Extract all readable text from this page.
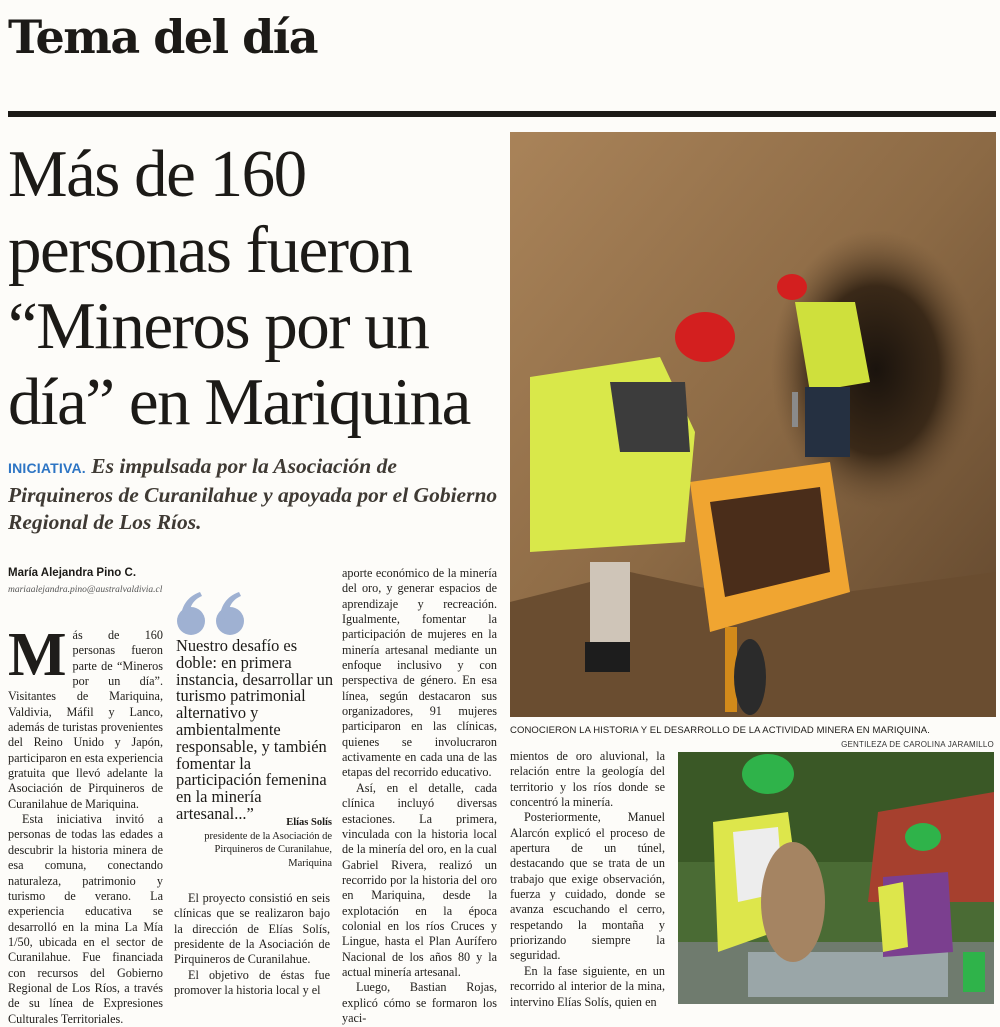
Tema del día
Más de 160
personas fueron
“Mineros por un
día” en Mariquina
INICIATIVA. Es impulsada por la Asociación de Pirquineros de Curanilahue y apoyada por el Gobierno Regional de Los Ríos.
María Alejandra Pino C.
mariaalejandra.pino@australvaldivia.cl

Más de 160 personas fueron parte de “Mineros por un día”. Visitantes de Mariquina, Valdivia, Máfil y Lanco, además de turistas provenientes del Reino Unido y Japón, participaron en esta experiencia gratuita que llevó adelante la Asociación de Pirquineros de Curanilahue de Mariquina.

Esta iniciativa invitó a personas de todas las edades a descubrir la historia minera de esa comuna, conectando naturaleza, patrimonio y turismo de verano. La experiencia educativa se desarrolló en la mina La Mía 1/50, ubicada en el sector de Curanilahue. Fue financiada con recursos del Gobierno Regional de Los Ríos, a través de su línea de Expresiones Culturales Territoriales.

Nuestro desafío es doble: en primera instancia, desarrollar un turismo patrimonial alternativo y ambientalmente responsable, y también fomentar la participación femenina en la minería artesanal...”	Elías Solís
presidente de la Asociación de Pirquineros de Curanilahue, Mariquina

El proyecto consistió en seis clínicas que se realizaron bajo la dirección de Elías Solís, presidente de la Asociación de Pirquineros de Curanilahue.

El objetivo de éstas fue promover la historia local y el

aporte económico de la minería del oro, y generar espacios de aprendizaje y recreación. Igualmente, fomentar la participación de mujeres en la minería artesanal mediante un enfoque inclusivo y con perspectiva de género. En esa línea, según destacaron sus organizadores, 91 mujeres participaron en las clínicas, quienes se involucraron activamente en cada una de las etapas del recorrido educativo.

Así, en el detalle, cada clínica incluyó diversas estaciones. La primera, vinculada con la historia local de la minería del oro, en la cual Gabriel Rivera, realizó un recorrido por la historia del oro en Mariquina, desde la explotación en la época colonial en los ríos Cruces y Lingue, hasta el Plan Aurífero Nacional de los años 80 y la actual minería artesanal.

Luego, Bastian Rojas, explicó cómo se formaron los yaci-

CONOCIERON LA HISTORIA Y EL DESARROLLO DE LA ACTIVIDAD MINERA EN MARIQUINA.
GENTILEZA DE CAROLINA JARAMILLO

mientos de oro aluvional, la relación entre la geología del territorio y los ríos donde se concentró la minería.

Posteriormente, Manuel Alarcón explicó el proceso de apertura de un túnel, destacando que se trata de un trabajo que exige observación, fuerza y cuidado, donde se avanza escuchando el cerro, respetando la montaña y priorizando siempre la seguridad.

En la fase siguiente, en un recorrido al interior de la mina, intervino Elías Solís, quien en
